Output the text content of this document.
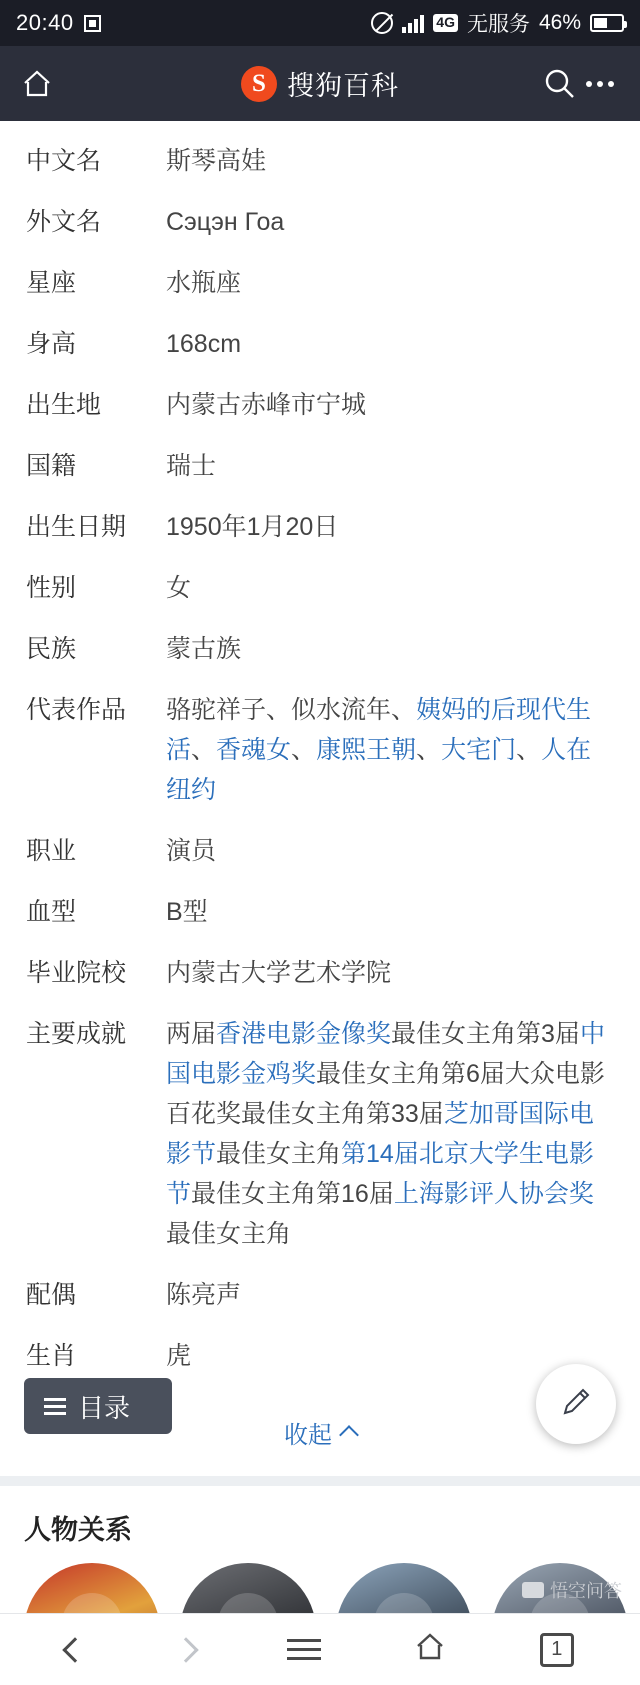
20:40	4G 无服务 46%
S 搜狗百科
中文名	斯琴高娃
外文名	Сэцэн Гоа
星座	水瓶座
身高	168cm
出生地	内蒙古赤峰市宁城
国籍	瑞士
出生日期	1950年1月20日
性别	女
民族	蒙古族
代表作品	骆驼祥子、似水流年、姨妈的后现代生活、香魂女、康熙王朝、大宅门、人在纽约
职业	演员
血型	B型
毕业院校	内蒙古大学艺术学院
主要成就	两届香港电影金像奖最佳女主角第3届中国电影金鸡奖最佳女主角第6届大众电影百花奖最佳女主角第33届芝加哥国际电影节最佳女主角第14届北京大学生电影节最佳女主角第16届上海影评人协会奖最佳女主角
配偶	陈亮声
生肖	虎
收起
人物关系
目录
悟空问答
1
